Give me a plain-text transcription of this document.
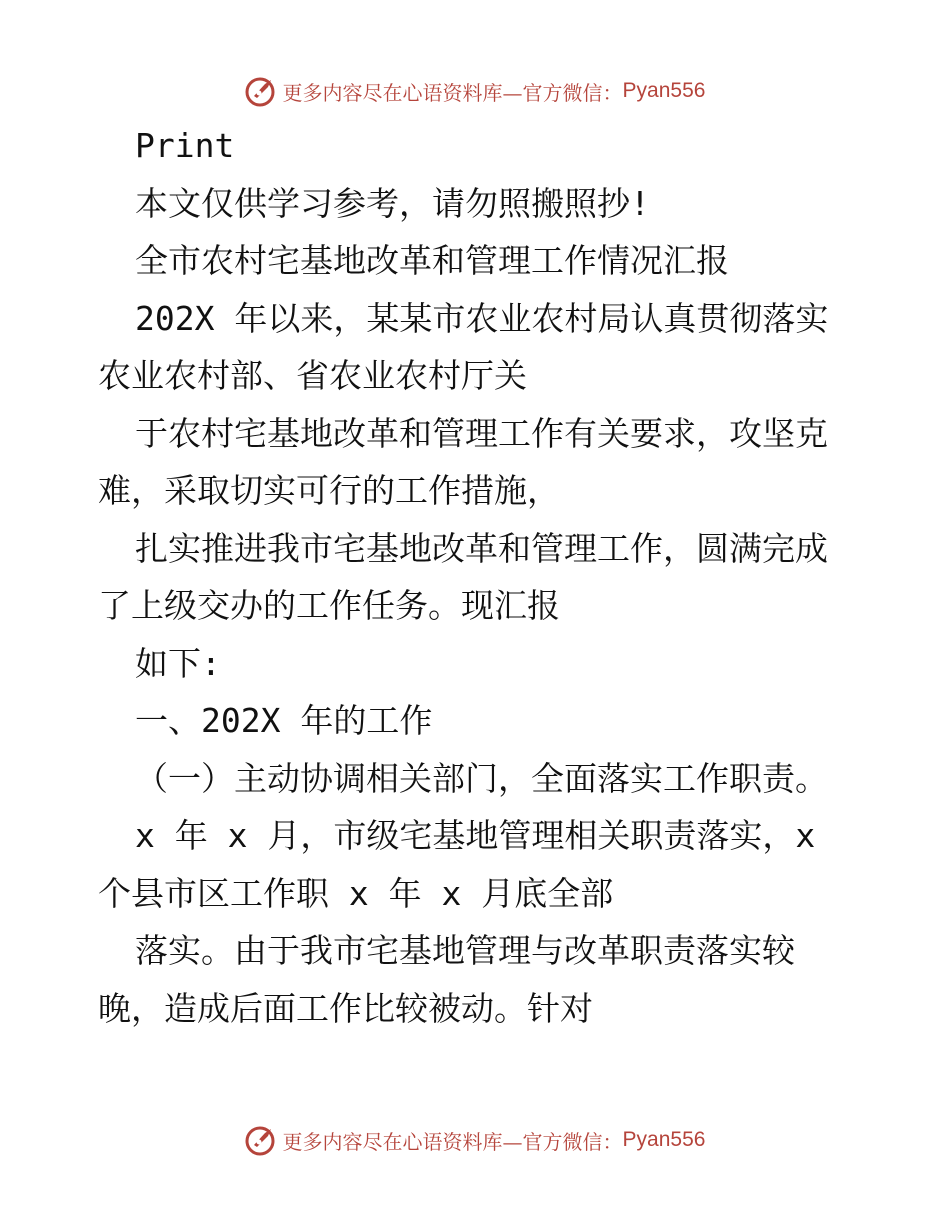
更多内容尽在心语资料库—官方微信： Pyan556
Print
本文仅供学习参考，请勿照搬照抄!
全市农村宅基地改革和管理工作情况汇报
202X 年以来，某某市农业农村局认真贯彻落实
农业农村部、省农业农村厅关
于农村宅基地改革和管理工作有关要求，攻坚克
难，采取切实可行的工作措施，
扎实推进我市宅基地改革和管理工作，圆满完成
了上级交办的工作任务。现汇报
如下:
一、202X 年的工作
（一）主动协调相关部门，全面落实工作职责。
x 年 x 月，市级宅基地管理相关职责落实，x
个县市区工作职 x 年 x 月底全部
落实。由于我市宅基地管理与改革职责落实较
晚，造成后面工作比较被动。针对
更多内容尽在心语资料库—官方微信： Pyan556
